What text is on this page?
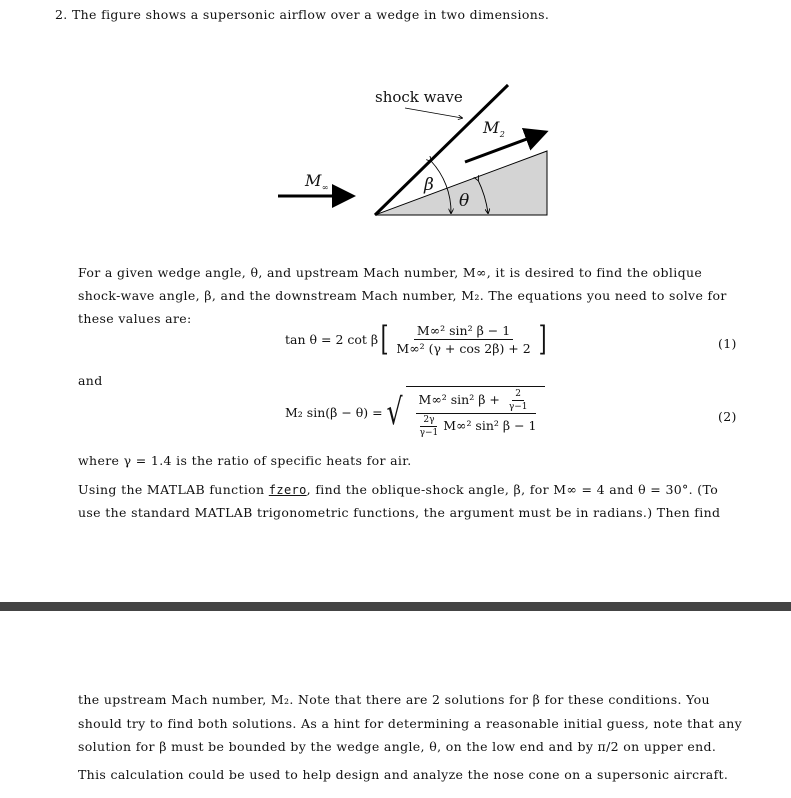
2. The figure shows a supersonic airflow over a wedge in two dimensions.
shock wave
$M_2$
$M_\infty$	β
θ
For a given wedge angle, θ, and upstream Mach number, M∞, it is desired to find the oblique
shock-wave angle, β, and the downstream Mach number, M₂. The equations you need to solve for
these values are:
tan θ = 2 cot β [ $\frac{\text{M∞² sin² β − 1}}{\text{M∞² (γ + cos 2β) + 2}}$ ]	(1)
and
M₂ sin(β − θ) = √ $\frac{M\infty^2 \sin^2 \beta + \frac{2}{\gamma-1}}{\frac{2\gamma}{\gamma-1} M\infty^2 \sin^2 \beta - 1}$	(2)
where γ = 1.4 is the ratio of specific heats for air.
Using the MATLAB function fzero, find the oblique-shock angle, β, for M∞ = 4 and θ = 30°. (To
use the standard MATLAB trigonometric functions, the argument must be in radians.) Then find
the upstream Mach number, M₂. Note that there are 2 solutions for β for these conditions. You
should try to find both solutions. As a hint for determining a reasonable initial guess, note that any
solution for β must be bounded by the wedge angle, θ, on the low end and by π/2 on upper end.
This calculation could be used to help design and analyze the nose cone on a supersonic aircraft.
